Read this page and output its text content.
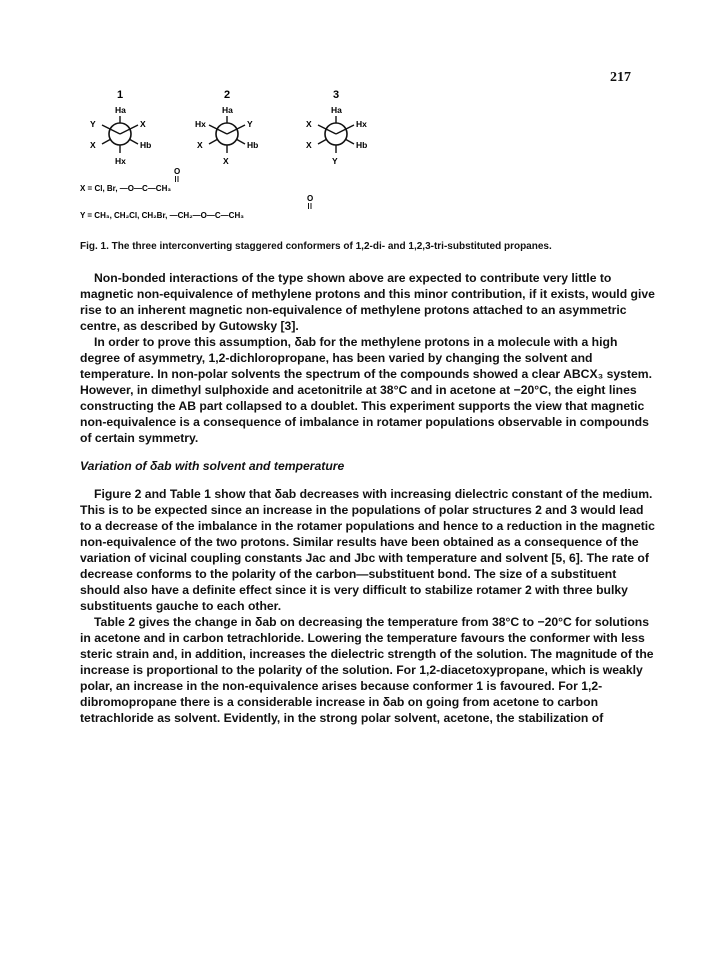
217
1
Ha
Y	X
X	Hb
Hx
2
Ha
Hx	Y
X	Hb
X
3
Ha
X	Hx
X	Hb
Y
O
X = Cl, Br, —O—C—CH₃
O
Y = CH₃, CH₂Cl, CH₂Br, —CH₂—O—C—CH₃
Fig. 1. The three interconverting staggered conformers of 1,2-di- and 1,2,3-tri-substituted propanes.

Non-bonded interactions of the type shown above are expected to contribute very little to magnetic non-equivalence of methylene protons and this minor contribution, if it exists, would give rise to an inherent magnetic non-equivalence of methylene protons attached to an asymmetric centre, as described by Gutowsky [3].

In order to prove this assumption, δab for the methylene protons in a molecule with a high degree of asymmetry, 1,2-dichloropropane, has been varied by changing the solvent and temperature. In non-polar solvents the spectrum of the compounds showed a clear ABCX₃ system. However, in dimethyl sulphoxide and acetonitrile at 38°C and in acetone at −20°C, the eight lines constructing the AB part collapsed to a doublet. This experiment supports the view that magnetic non-equivalence is a consequence of imbalance in rotamer populations observable in compounds of certain symmetry.

Variation of δab with solvent and temperature

Figure 2 and Table 1 show that δab decreases with increasing dielectric constant of the medium. This is to be expected since an increase in the populations of polar structures 2 and 3 would lead to a decrease of the imbalance in the rotamer populations and hence to a reduction in the magnetic non-equivalence of the two protons. Similar results have been obtained as a consequence of the variation of vicinal coupling constants Jac and Jbc with temperature and solvent [5, 6]. The rate of decrease conforms to the polarity of the carbon—substituent bond. The size of a substituent should also have a definite effect since it is very difficult to stabilize rotamer 2 with three bulky substituents gauche to each other.

Table 2 gives the change in δab on decreasing the temperature from 38°C to −20°C for solutions in acetone and in carbon tetrachloride. Lowering the temperature favours the conformer with less steric strain and, in addition, increases the dielectric strength of the solution. The magnitude of the increase is proportional to the polarity of the solution. For 1,2-diacetoxypropane, which is weakly polar, an increase in the non-equivalence arises because conformer 1 is favoured. For 1,2-dibromopropane there is a considerable increase in δab on going from acetone to carbon tetrachloride as solvent. Evidently, in the strong polar solvent, acetone, the stabilization of
